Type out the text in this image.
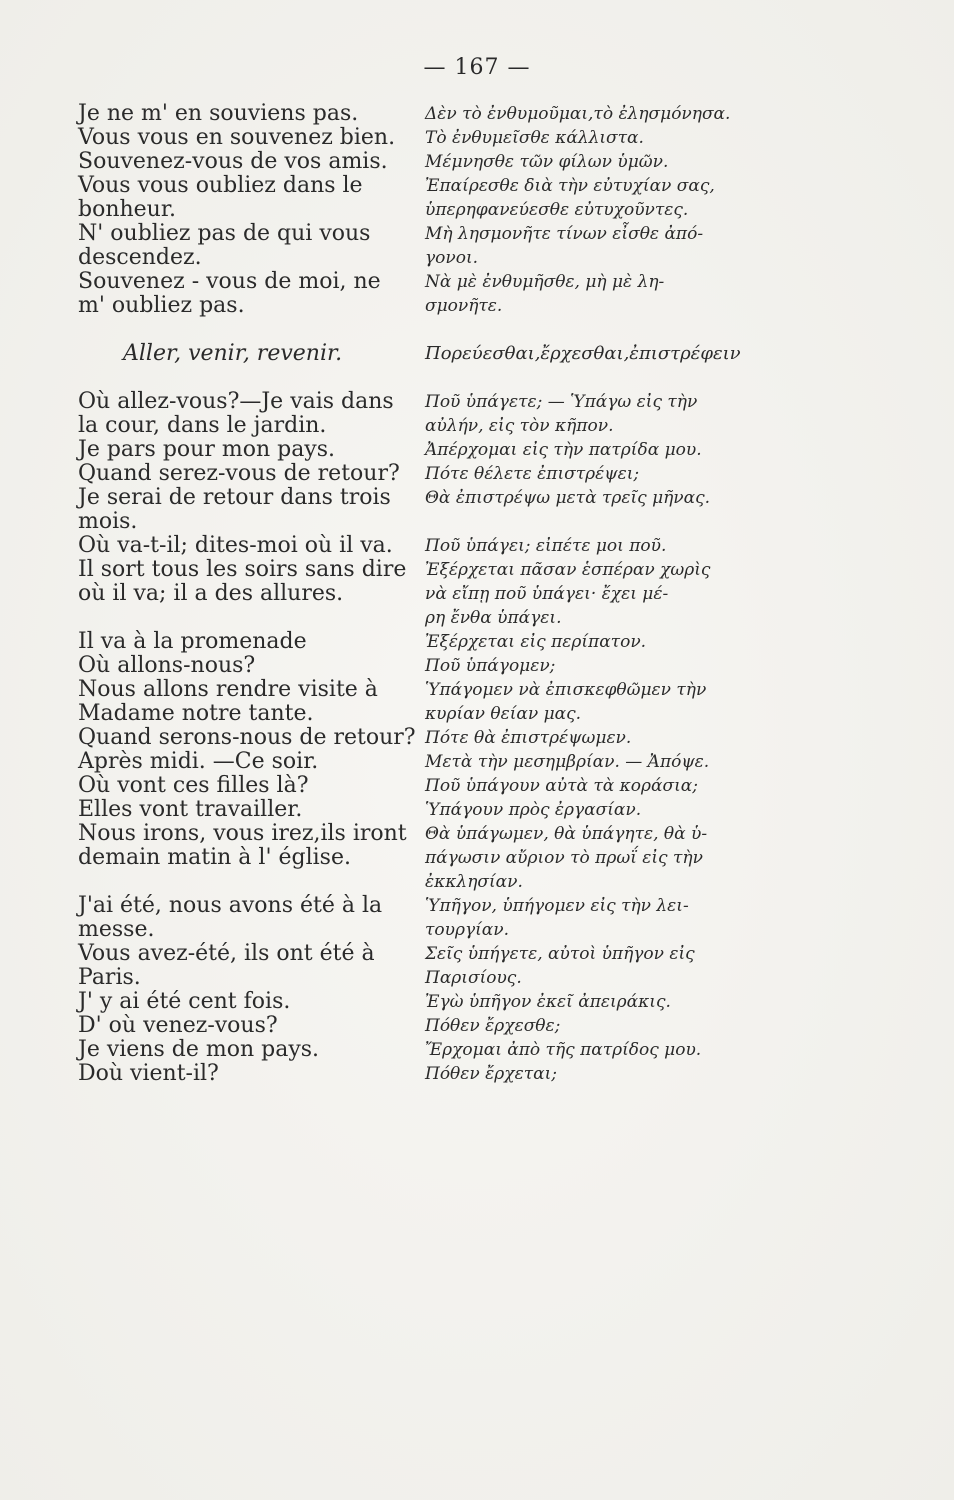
— 167 —
Je ne m' en souviens pas.
Vous vous en souvenez bien.
Souvenez-vous de vos amis.
Vous vous oubliez dans le
bonheur.
N' oubliez pas de qui vous
descendez.
Souvenez - vous de moi, ne
m' oubliez pas.
Aller, venir, revenir.
Où allez-vous?—Je vais dans
la cour, dans le jardin.
Je pars pour mon pays.
Quand serez-vous de retour?
Je serai de retour dans trois
mois.
Où va-t-il; dites-moi où il va.
Il sort tous les soirs sans dire
où il va; il a des allures.
Il va à la promenade
Où allons-nous?
Nous allons rendre visite à
Madame notre tante.
Quand serons-nous de retour?
Après midi. —Ce soir.
Où vont ces filles là?
Elles vont travailler.
Nous irons, vous irez,ils iront
demain matin à l' église.
J'ai été, nous avons été à la
messe.
Vous avez-été, ils ont été à
Paris.
J' y ai été cent fois.
D' où venez-vous?
Je viens de mon pays.
Doù vient-il?
Δὲν τὸ ἐνθυμοῦμαι,τὸ ἐλησμόνησα.
Τὸ ἐνθυμεῖσθε κάλλιστα.
Μέμνησθε τῶν φίλων ὑμῶν.
Ἐπαίρεσθε διὰ τὴν εὐτυχίαν σας,
ὑπερηφανεύεσθε εὐτυχοῦντες.
Μὴ λησμονῆτε τίνων εἶσθε ἀπό-
γονοι.
Νὰ μὲ ἐνθυμῆσθε, μὴ μὲ λη-
σμονῆτε.
Πορεύεσθαι,ἔρχεσθαι,ἐπιστρέφειν
Ποῦ ὑπάγετε; — Ὑπάγω εἰς τὴν
αὐλήν, εἰς τὸν κῆπον.
Ἀπέρχομαι εἰς τὴν πατρίδα μου.
Πότε θέλετε ἐπιστρέψει;
Θὰ ἐπιστρέψω μετὰ τρεῖς μῆνας.
Ποῦ ὑπάγει; εἰπέτε μοι ποῦ.
Ἐξέρχεται πᾶσαν ἑσπέραν χωρὶς
νὰ εἴπῃ ποῦ ὑπάγει· ἔχει μέ-
ρη ἔνθα ὑπάγει.
Ἐξέρχεται εἰς περίπατον.
Ποῦ ὑπάγομεν;
Ὑπάγομεν νὰ ἐπισκεφθῶμεν τὴν
κυρίαν θείαν μας.
Πότε θὰ ἐπιστρέψωμεν.
Μετὰ τὴν μεσημβρίαν. — Ἀπόψε.
Ποῦ ὑπάγουν αὐτὰ τὰ κοράσια;
Ὑπάγουν πρὸς ἐργασίαν.
Θὰ ὑπάγωμεν, θὰ ὑπάγητε, θὰ ὑ-
πάγωσιν αὔριον τὸ πρωΐ εἰς τὴν
ἐκκλησίαν.
Ὑπῆγον, ὑπήγομεν εἰς τὴν λει-
τουργίαν.
Σεῖς ὑπήγετε, αὐτοὶ ὑπῆγον εἰς
Παρισίους.
Ἐγὼ ὑπῆγον ἐκεῖ ἀπειράκις.
Πόθεν ἔρχεσθε;
Ἔρχομαι ἀπὸ τῆς πατρίδος μου.
Πόθεν ἔρχεται;
